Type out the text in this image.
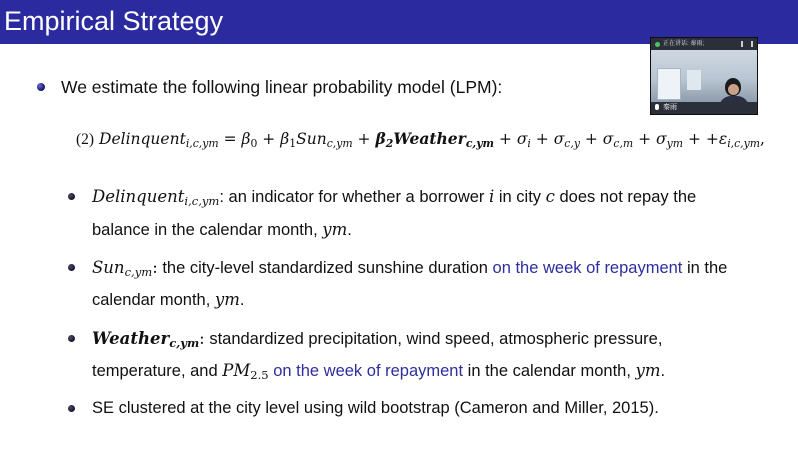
Empirical Strategy
We estimate the following linear probability model (LPM):
(2) Delinquent$_{i,c,ym}$ = $\beta_0 + \beta_1Sun_{c,ym}$ + $\beta_2Weather_{c,ym} + \sigma_i + \sigma_{c,y} + \sigma_{c,m} + \sigma_{ym} + +\varepsilon_{i,c,ym}$,
Delinquent$_{i,c,ym}$: an indicator for whether a borrower i in city c does not repay the
balance in the calendar month, ym.
Sun$_{c,ym}$: the city-level standardized sunshine duration on the week of repayment in the
calendar month, ym.
Weather$_{c,ym}$: standardized precipitation, wind speed, atmospheric pressure,
temperature, and $PM_{2.5}$ on the week of repayment in the calendar month, ym.
SE clustered at the city level using wild bootstrap (Cameron and Miller, 2015).
正在讲话: 秦雨;
秦雨
